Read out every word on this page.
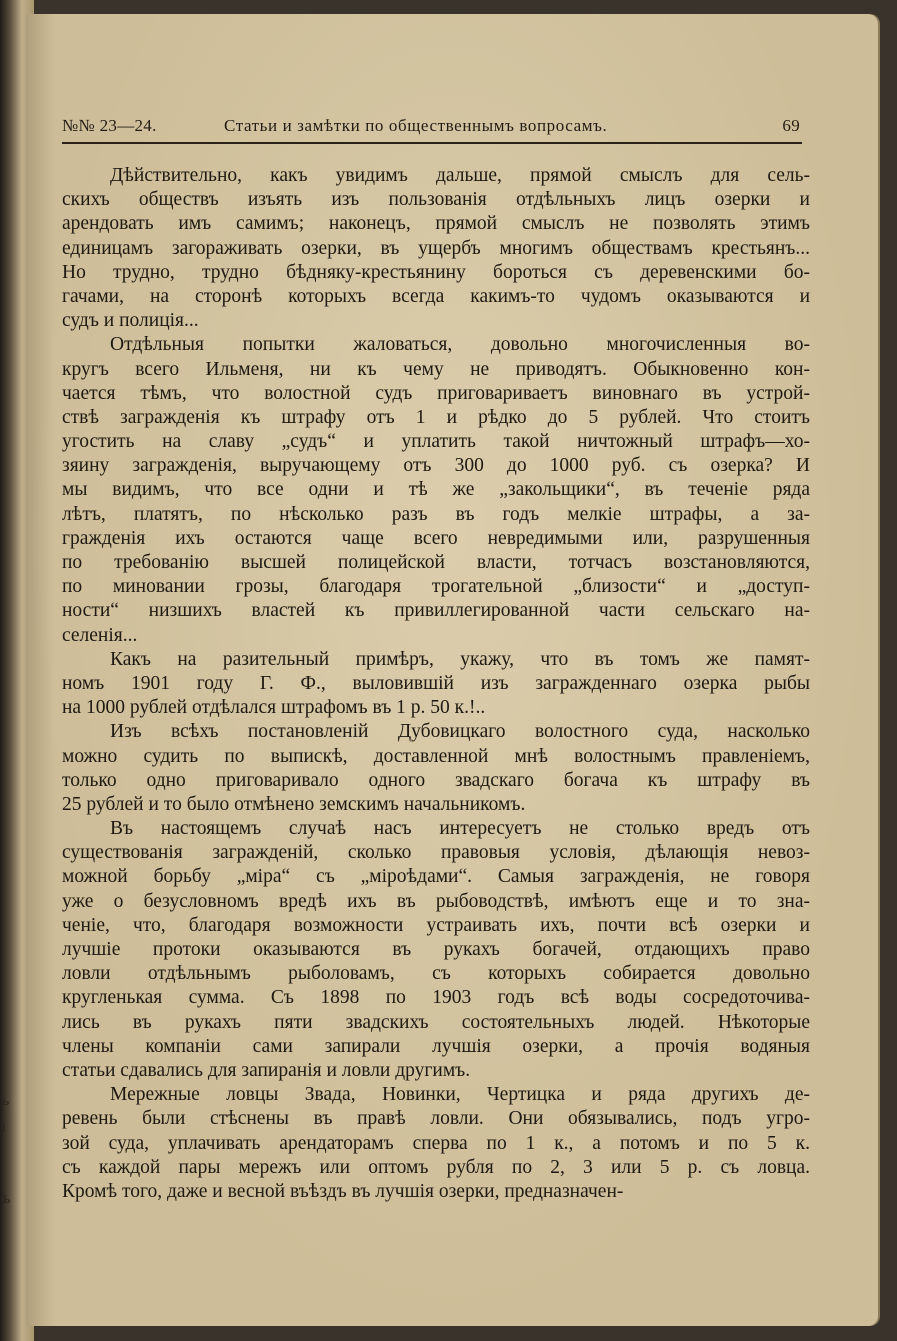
ь
ı
ъ
№№ 23—24.	Статьи и замѣтки по общественнымъ вопросамъ.	69
Дѣйствительно, какъ увидимъ дальше, прямой смыслъ для сель-
скихъ обществъ изъять изъ пользованія отдѣльныхъ лицъ озерки и
арендовать имъ самимъ; наконецъ, прямой смыслъ не позволять этимъ
единицамъ загораживать озерки, въ ущербъ многимъ обществамъ крестьянъ...
Но трудно, трудно бѣдняку-крестьянину бороться съ деревенскими бо-
гачами, на сторонѣ которыхъ всегда какимъ-то чудомъ оказываются и
судъ и полиція...
Отдѣльныя попытки жаловаться, довольно многочисленныя во-
кругъ всего Ильменя, ни къ чему не приводятъ. Обыкновенно кон-
чается тѣмъ, что волостной судъ приговариваетъ виновнаго въ устрой-
ствѣ загражденія къ штрафу отъ 1 и рѣдко до 5 рублей. Что стоитъ
угостить на славу „судъ“ и уплатить такой ничтожный штрафъ—хо-
зяину загражденія, выручающему отъ 300 до 1000 руб. съ озерка? И
мы видимъ, что все одни и тѣ же „закольщики“, въ теченіе ряда
лѣтъ, платятъ, по нѣсколько разъ въ годъ мелкіе штрафы, а за-
гражденія ихъ остаются чаще всего невредимыми или, разрушенныя
по требованію высшей полицейской власти, тотчасъ возстановляются,
по миновании грозы, благодаря трогательной „близости“ и „доступ-
ности“ низшихъ властей къ привиллегированной части сельскаго на-
селенія...
Какъ на разительный примѣръ, укажу, что въ томъ же памят-
номъ 1901 году Г. Ф., выловившій изъ загражденнаго озерка рыбы
на 1000 рублей отдѣлался штрафомъ въ 1 р. 50 к.!..
Изъ всѣхъ постановленій Дубовицкаго волостного суда, насколько
можно судить по выпискѣ, доставленной мнѣ волостнымъ правленіемъ,
только одно приговаривало одного звадскаго богача къ штрафу въ
25 рублей и то было отмѣнено земскимъ начальникомъ.
Въ настоящемъ случаѣ насъ интересуетъ не столько вредъ отъ
существованія загражденій, сколько правовыя условія, дѣлающія невоз-
можной борьбу „міра“ съ „міроѣдами“. Самыя загражденія, не говоря
уже о безусловномъ вредѣ ихъ въ рыбоводствѣ, имѣютъ еще и то зна-
ченіе, что, благодаря возможности устраивать ихъ, почти всѣ озерки и
лучшіе протоки оказываются въ рукахъ богачей, отдающихъ право
ловли отдѣльнымъ рыболовамъ, съ которыхъ собирается довольно
кругленькая сумма. Съ 1898 по 1903 годъ всѣ воды сосредоточива-
лись въ рукахъ пяти звадскихъ состоятельныхъ людей. Нѣкоторые
члены компаніи сами запирали лучшія озерки, а прочія водяныя
статьи сдавались для запиранія и ловли другимъ.
Мережные ловцы Звада, Новинки, Чертицка и ряда другихъ де-
ревень были стѣснены въ правѣ ловли. Они обязывались, подъ угро-
зой суда, уплачивать арендаторамъ сперва по 1 к., а потомъ и по 5 к.
съ каждой пары мережъ или оптомъ рубля по 2, 3 или 5 р. съ ловца.
Кромѣ того, даже и весной въѣздъ въ лучшія озерки, предназначен-
